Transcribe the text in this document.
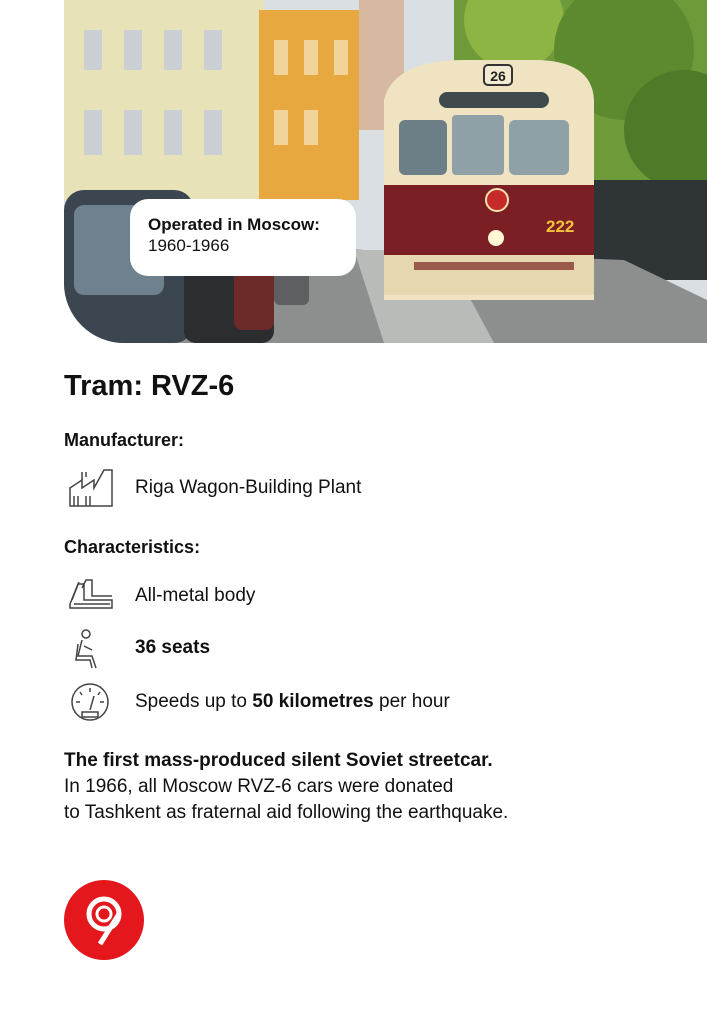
26
222
Operated in Moscow:
1960-1966
Tram: RVZ-6
Manufacturer:
Riga Wagon-Building Plant
Characteristics:
All-metal body
36 seats
Speeds up to 50 kilometres per hour
The first mass-produced silent Soviet streetcar.
In 1966, all Moscow RVZ-6 cars were donated
to Tashkent as fraternal aid following the earthquake.
